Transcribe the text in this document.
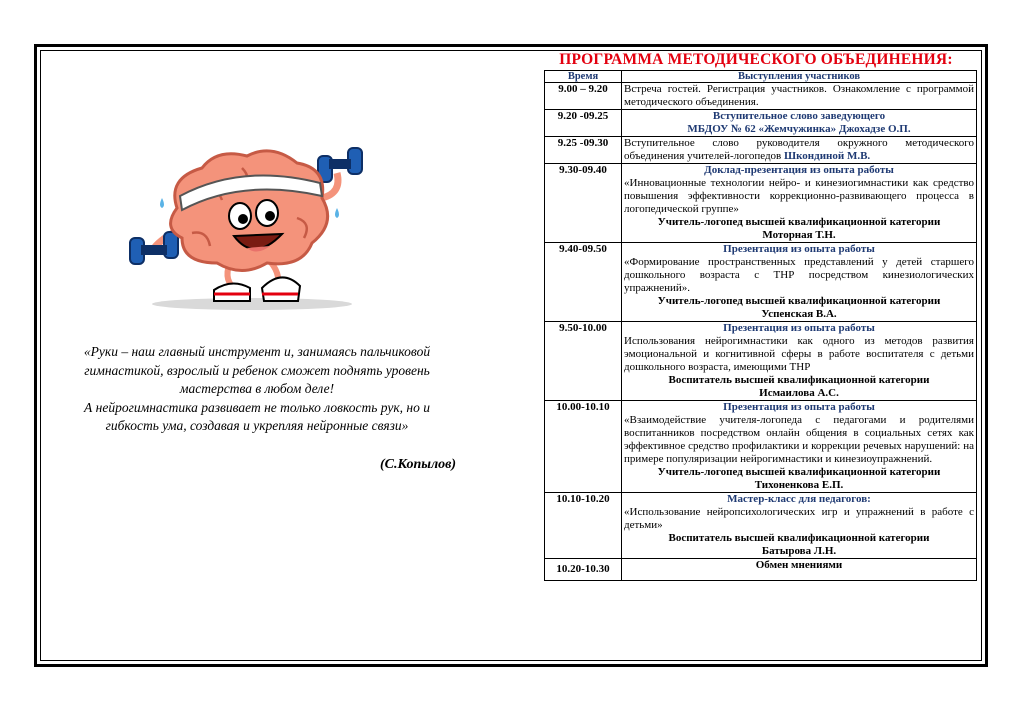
«Руки – наш главный инструмент и, занимаясь пальчиковой

гимнастикой, взрослый и ребенок сможет поднять уровень

мастерства в любом деле!

А нейрогимнастика развивает не только ловкость рук, но и

гибкость ума, создавая и укрепляя нейронные связи»

(С.Копылов)
ПРОГРАММА МЕТОДИЧЕСКОГО ОБЪЕДИНЕНИЯ:
Время	Выступления участников
9.00 – 9.20	Встреча гостей. Регистрация участников. Ознакомление с программой методического объединения.

9.20 -09.25	Вступительное слово заведующего
МБДОУ № 62 «Жемчужинка» Джохадзе О.П.

9.25 -09.30	Вступительное слово руководителя окружного методического объединения учителей-логопедов Шкондиной М.В.

9.30-09.40	Доклад-презентация из опыта работы
«Инновационные технологии нейро- и кинезиогимнастики как средство повышения эффективности коррекционно-развивающего процесса в логопедической группе»
Учитель-логопед высшей квалификационной категории
Моторная Т.Н.

9.40-09.50	Презентация из опыта работы
«Формирование пространственных представлений у детей старшего дошкольного возраста с ТНР посредством кинезиологических упражнений».
Учитель-логопед высшей квалификационной категории
Успенская В.А.

9.50-10.00	Презентация из опыта работы
Использования нейрогимнастики как одного из методов развития эмоциональной и когнитивной сферы в работе воспитателя с детьми дошкольного возраста, имеющими ТНР
Воспитатель высшей квалификационной категории
Исмаилова А.С.

10.00-10.10	Презентация из опыта работы
«Взаимодействие учителя-логопеда с педагогами и родителями воспитанников посредством онлайн общения в социальных сетях как эффективное средство профилактики и коррекции речевых нарушений: на примере популяризации нейрогимнастики и кинезиоупражнений.
Учитель-логопед высшей квалификационной категории
Тихоненкова Е.П.

10.10-10.20	Мастер-класс для педагогов:
«Использование нейропсихологических игр и упражнений в работе с детьми»
Воспитатель высшей квалификационной категории
Батырова Л.Н.

10.20-10.30	Обмен мнениями
